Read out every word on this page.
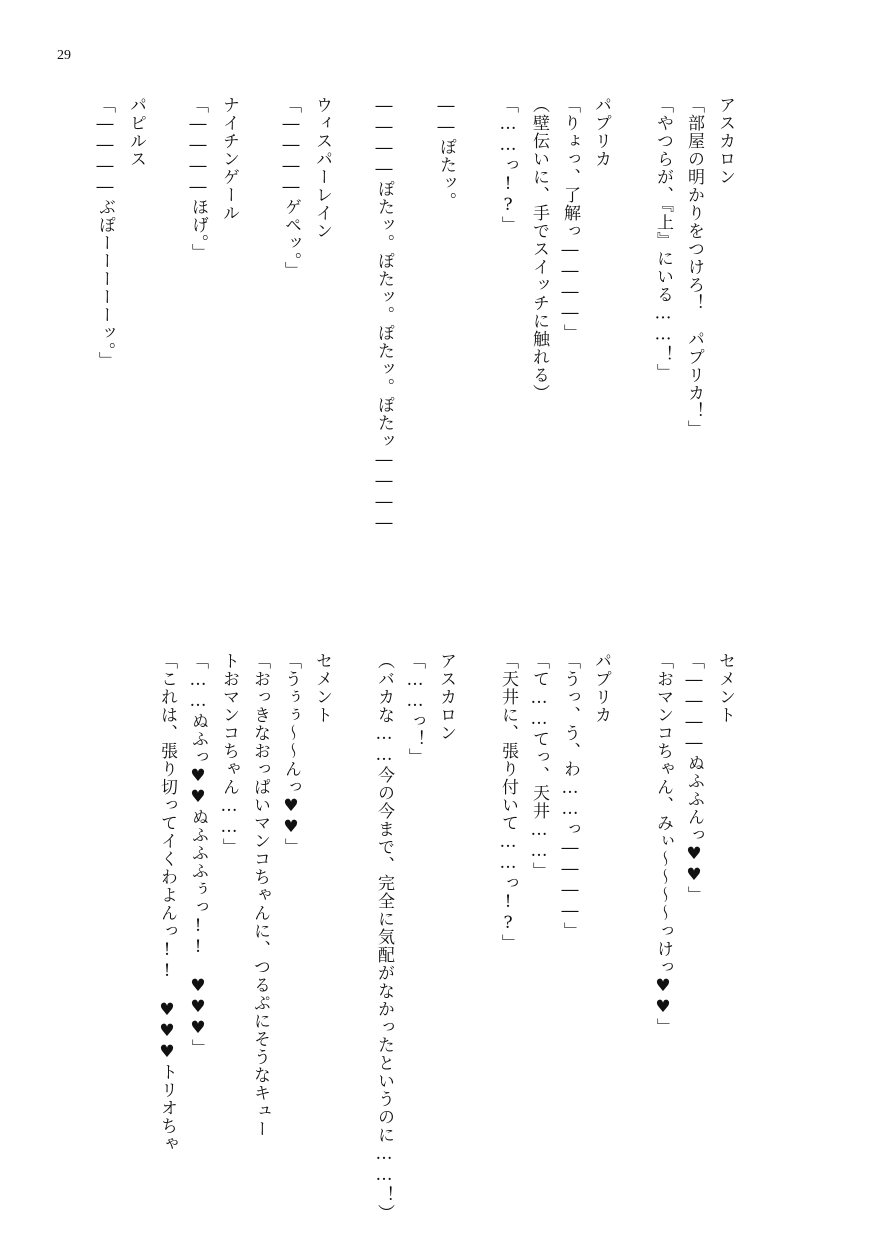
29
アスカロン
「部屋の明かりをつけろ！　パプリカ！」
「やつらが、『上』にいる……！」
パプリカ
「りょっ、了解っ――――」
（壁伝いに、手でスイッチに触れる）
「……っ!?」
――ぽたッ。
――――ぽたッ。ぽたッ。ぽたッ。ぽたッ――――
ウィスパーレイン
「――――ゲペッ。」
ナイチンゲール
「――――ほげ。」
パピルス
「――――ぶぽーーーーーッ。」
セメント
「――――ぬふふんっ♥♥」
「おマンコちゃん、みぃ～～～～っけっ♥♥」
パプリカ
「うっ、う、わ……っ――――」
「て……てっ、天井……」
「天井に、張り付いて……っ!?」
アスカロン
「……っ！」
（バカな……今の今まで、完全に気配がなかったというのに……！）
セメント
「うぅぅ～～んっ♥♥」
「おっきなおっぱいマンコちゃんに、つるぷにそうなキュー
トおマンコちゃん……」
「……ぬふっ♥♥ぬふふふぅっ!!　♥♥♥」
「これは、張り切ってイくわよんっ!!　♥♥♥トリオちゃ
